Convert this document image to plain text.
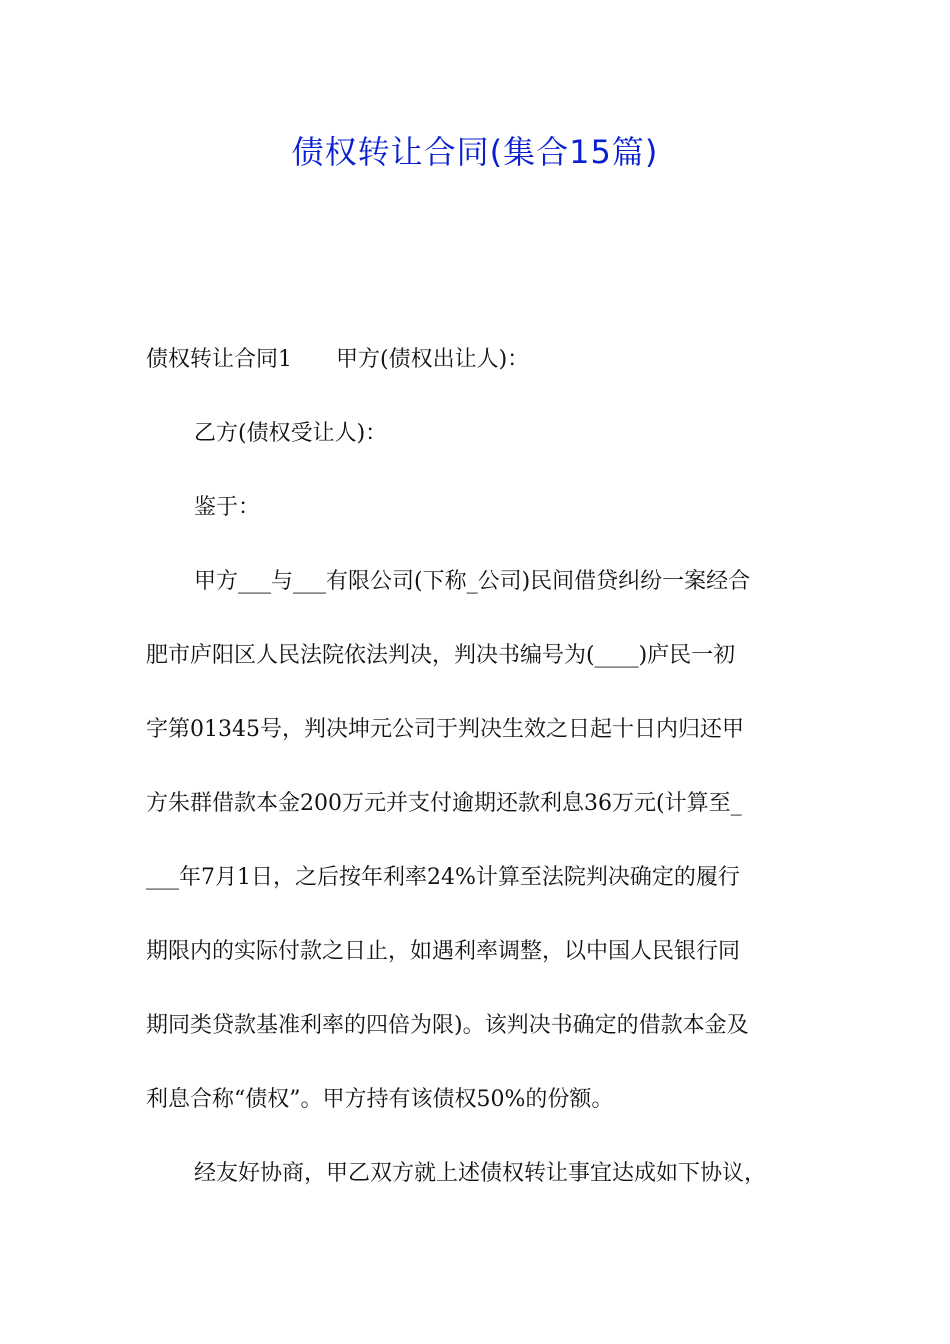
债权转让合同(集合15篇)
债权转让合同1　　甲方(债权出让人)：
乙方(债权受让人)：
鉴于：
甲方___与___有限公司(下称_公司)民间借贷纠纷一案经合
肥市庐阳区人民法院依法判决，判决书编号为(____)庐民一初
字第01345号，判决坤元公司于判决生效之日起十日内归还甲
方朱群借款本金200万元并支付逾期还款利息36万元(计算至_
___年7月1日，之后按年利率24%计算至法院判决确定的履行
期限内的实际付款之日止，如遇利率调整，以中国人民银行同
期同类贷款基准利率的四倍为限)。该判决书确定的借款本金及
利息合称“债权”。甲方持有该债权50%的份额。
经友好协商，甲乙双方就上述债权转让事宜达成如下协议，
